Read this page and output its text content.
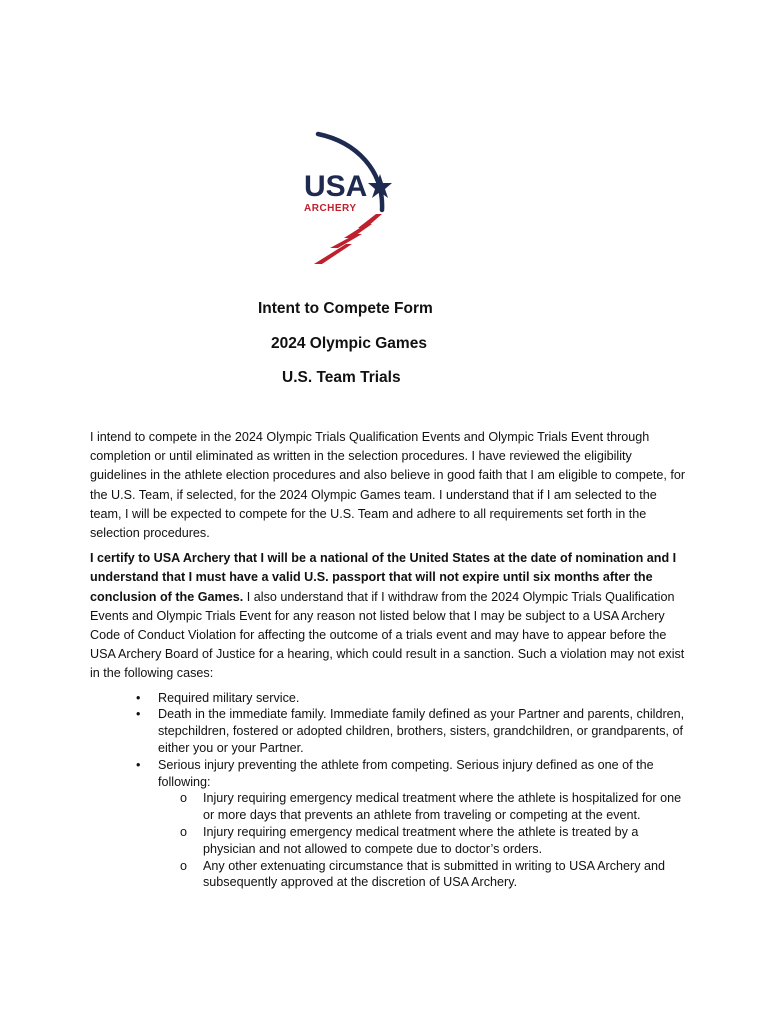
USA
ARCHERY
Intent to Compete Form
2024 Olympic Games
U.S. Team Trials

I intend to compete in the 2024 Olympic Trials Qualification Events and Olympic Trials Event through completion or until eliminated as written in the selection procedures. I have reviewed the eligibility guidelines in the athlete election procedures and also believe in good faith that I am eligible to compete, for the U.S. Team, if selected, for the 2024 Olympic Games team. I understand that if I am selected to the team, I will be expected to compete for the U.S. Team and adhere to all requirements set forth in the selection procedures.

I certify to USA Archery that I will be a national of the United States at the date of nomination and I understand that I must have a valid U.S. passport that will not expire until six months after the conclusion of the Games. I also understand that if I withdraw from the 2024 Olympic Trials Qualification Events and Olympic Trials Event for any reason not listed below that I may be subject to a USA Archery Code of Conduct Violation for affecting the outcome of a trials event and may have to appear before the USA Archery Board of Justice for a hearing, which could result in a sanction. Such a violation may not exist in the following cases:

• Required military service.
• Death in the immediate family. Immediate family defined as your Partner and parents, children, stepchildren, fostered or adopted children, brothers, sisters, grandchildren, or grandparents, of either you or your Partner.
• Serious injury preventing the athlete from competing. Serious injury defined as one of the following:
o Injury requiring emergency medical treatment where the athlete is hospitalized for one or more days that prevents an athlete from traveling or competing at the event.
o Injury requiring emergency medical treatment where the athlete is treated by a physician and not allowed to compete due to doctor’s orders.
o Any other extenuating circumstance that is submitted in writing to USA Archery and subsequently approved at the discretion of USA Archery.
